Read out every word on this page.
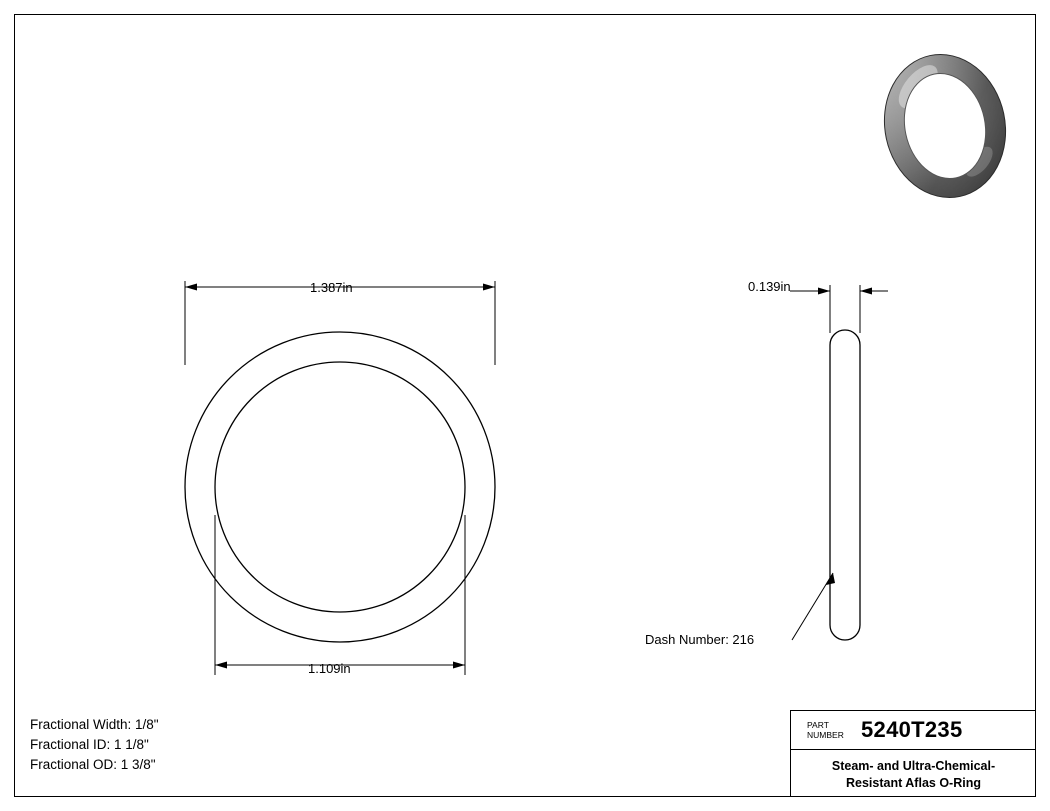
1.387in
1.109in
0.139in
Dash Number: 216
Fractional Width: 1/8"
Fractional ID: 1 1/8"
Fractional OD: 1 3/8"
PART
NUMBER 5240T235
Steam- and Ultra-Chemical-
Resistant Aflas O-Ring
